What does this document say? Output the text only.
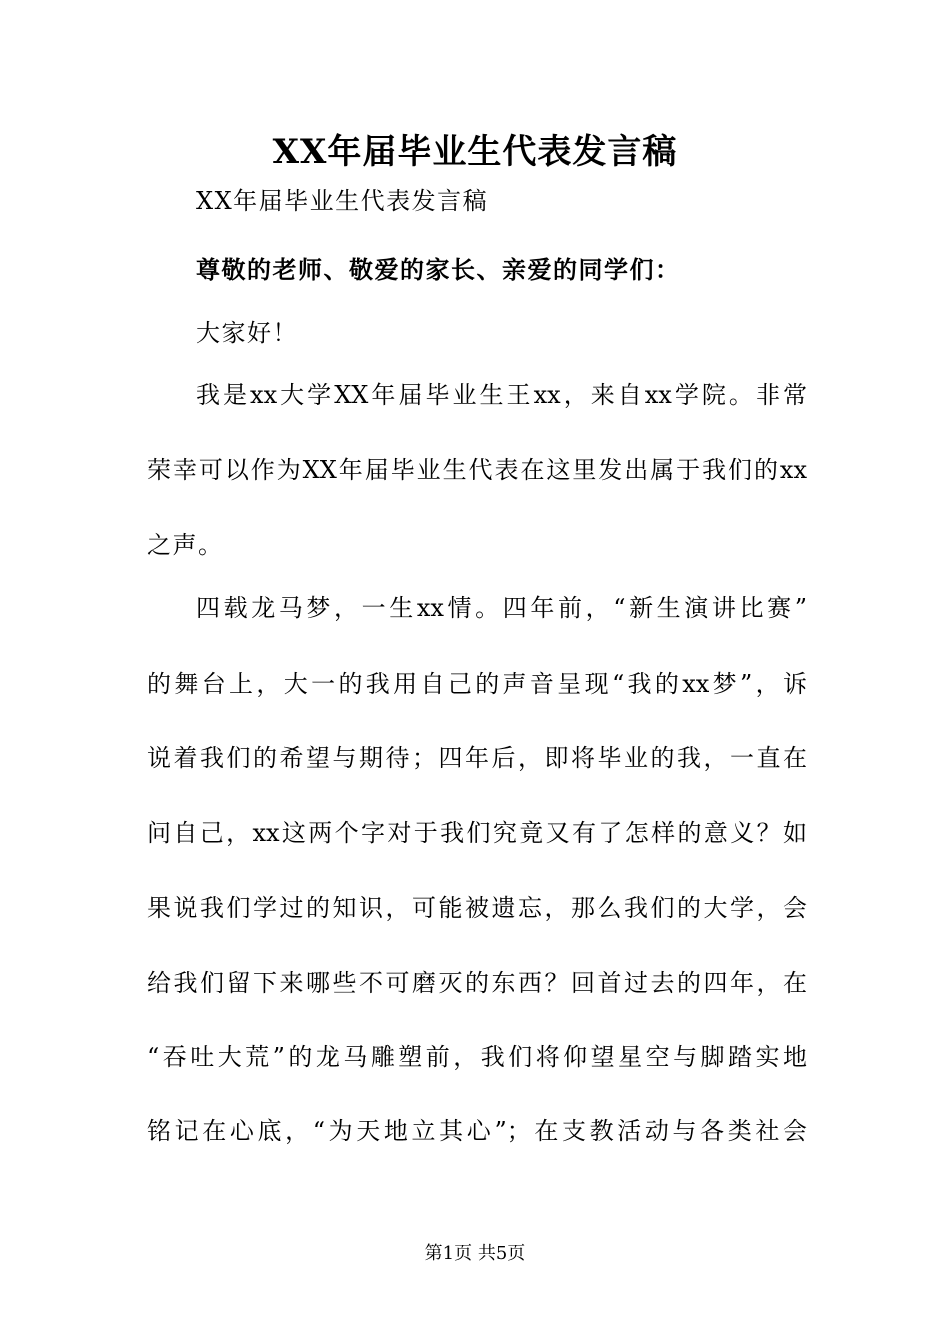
XX年届毕业生代表发言稿
XX年届毕业生代表发言稿
尊敬的老师、敬爱的家长、亲爱的同学们：
大家好！
我是xx大学XX年届毕业生王xx，来自xx学院。非常
荣幸可以作为XX年届毕业生代表在这里发出属于我们的xx
之声。
四载龙马梦，一生xx情。四年前，“新生演讲比赛”
的舞台上，大一的我用自己的声音呈现“我的xx梦”，诉
说着我们的希望与期待；四年后，即将毕业的我，一直在
问自己，xx这两个字对于我们究竟又有了怎样的意义？如
果说我们学过的知识，可能被遗忘，那么我们的大学，会
给我们留下来哪些不可磨灭的东西？回首过去的四年，在
“吞吐大荒”的龙马雕塑前，我们将仰望星空与脚踏实地
铭记在心底，“为天地立其心”；在支教活动与各类社会
第1页 共5页
